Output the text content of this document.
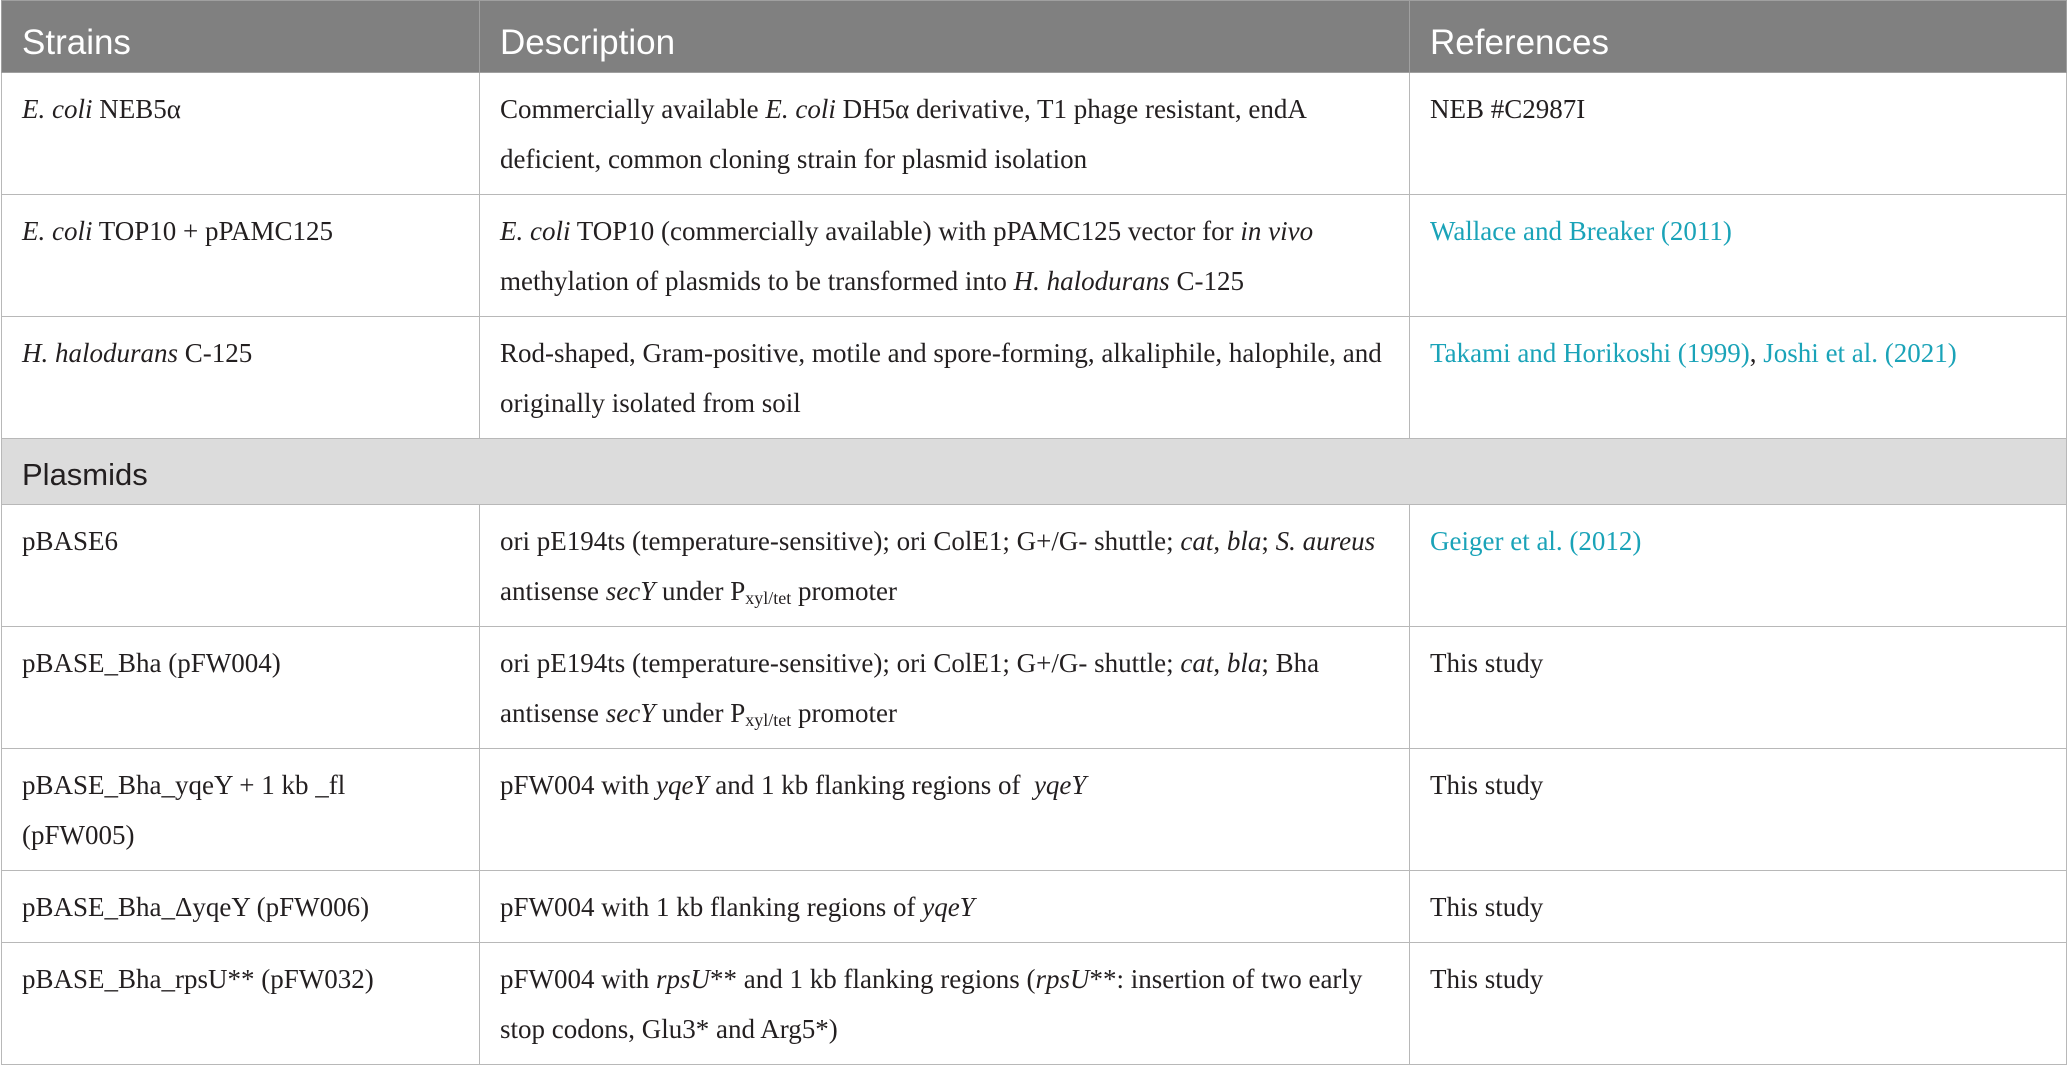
Strains	Description	References
E. coli NEB5α	Commercially available E. coli DH5α derivative, T1 phage resistant, endA deficient, common cloning strain for plasmid isolation	NEB #C2987I
E. coli TOP10 + pPAMC125	E. coli TOP10 (commercially available) with pPAMC125 vector for in vivo methylation of plasmids to be transformed into H. halodurans C-125	Wallace and Breaker (2011)
H. halodurans C-125	Rod-shaped, Gram-positive, motile and spore-forming, alkaliphile, halophile, and originally isolated from soil	Takami and Horikoshi (1999), Joshi et al. (2021)
Plasmids		
pBASE6	ori pE194ts (temperature-sensitive); ori ColE1; G+/G- shuttle; cat, bla; S. aureus antisense secY under $P_{xyl/tet}$ promoter	Geiger et al. (2012)
pBASE_Bha (pFW004)	ori pE194ts (temperature-sensitive); ori ColE1; G+/G- shuttle; cat, bla; Bha antisense secY under $P_{xyl/tet}$ promoter	This study
pBASE_Bha_yqeY + 1 kb _fl (pFW005)	pFW004 with yqeY and 1 kb flanking regions of  yqeY	This study
pBASE_Bha_ΔyqeY (pFW006)	pFW004 with 1 kb flanking regions of yqeY	This study
pBASE_Bha_rpsU** (pFW032)	pFW004 with rpsU** and 1 kb flanking regions (rpsU**: insertion of two early stop codons, Glu3* and Arg5*)	This study
